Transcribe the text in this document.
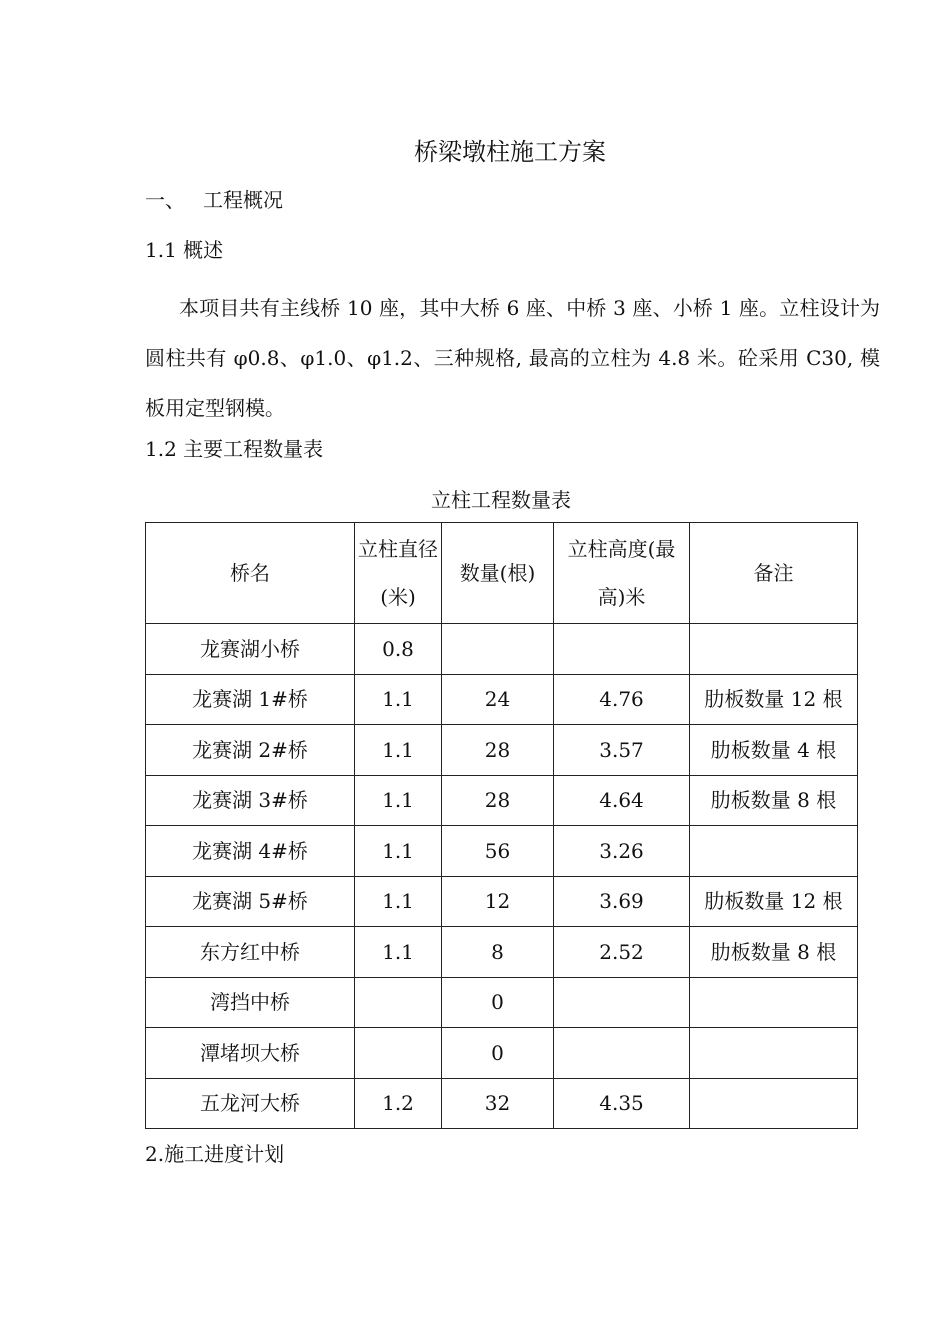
桥梁墩柱施工方案
一、 工程概况
1.1 概述
本项目共有主线桥 10 座，其中大桥 6 座、中桥 3 座、小桥 1 座。立柱设计为圆柱共有 φ0.8、φ1.0、φ1.2、三种规格, 最高的立柱为 4.8 米。砼采用 C30, 模板用定型钢模。
1.2 主要工程数量表
立柱工程数量表
桥名	立柱直径(米)	数量(根)	立柱高度(最高)米	备注
龙赛湖小桥	0.8			
龙赛湖 1#桥	1.1	24	4.76	肋板数量 12 根
龙赛湖 2#桥	1.1	28	3.57	肋板数量 4 根
龙赛湖 3#桥	1.1	28	4.64	肋板数量 8 根
龙赛湖 4#桥	1.1	56	3.26	
龙赛湖 5#桥	1.1	12	3.69	肋板数量 12 根
东方红中桥	1.1	8	2.52	肋板数量 8 根
湾挡中桥		0		
潭堵坝大桥		0		
五龙河大桥	1.2	32	4.35	
2.施工进度计划
